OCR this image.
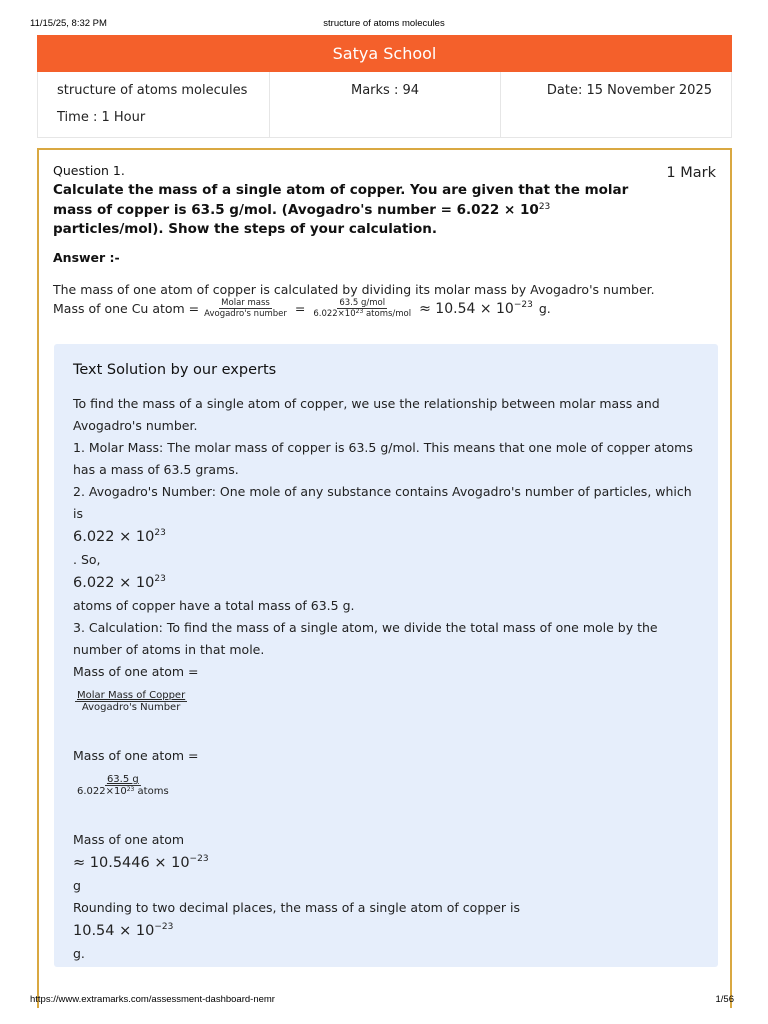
11/15/25, 8:32 PM	structure of atoms molecules
Satya School
structure of atoms molecules
Time : 1 Hour
Marks : 94	Date: 15 November 2025
Question 1.	1 Mark
Calculate the mass of a single atom of copper. You are given that the molar mass of copper is 63.5 g/mol. (Avogadro's number = $6.022 \times 10^{23}$ particles/mol). Show the steps of your calculation.
Answer :-
The mass of one atom of copper is calculated by dividing its molar mass by Avogadro's number.
Mass of one Cu atom = $\frac{\text{Molar mass}}{\text{Avogadro's number}} = \frac{\text{63.5 g/mol}}{6.022\times 10^{23} atoms/mol} \approx 10.54 \times 10^{-23}$ g.
Text Solution by our experts
To find the mass of a single atom of copper, we use the relationship between molar mass and Avogadro's number.
1. Molar Mass: The molar mass of copper is 63.5 g/mol. This means that one mole of copper atoms has a mass of 63.5 grams.
2. Avogadro's Number: One mole of any substance contains Avogadro's number of particles, which is
$6.022 \times 10^{23}$
. So,
$6.022 \times 10^{23}$
atoms of copper have a total mass of 63.5 g.
3. Calculation: To find the mass of a single atom, we divide the total mass of one mole by the number of atoms in that mole.
Mass of one atom =
$\frac{\text{Molar Mass of Copper}}{\text{Avogadro's Number}}$
Mass of one atom =
$\frac{63.5 g}{6.022\times 10^{23} atoms}$
Mass of one atom
≈ $10.5446 \times 10^{-23}$
g
Rounding to two decimal places, the mass of a single atom of copper is
$10.54 \times 10^{-23}$
g.
https://www.extramarks.com/assessment-dashboard-nemr	1/56
